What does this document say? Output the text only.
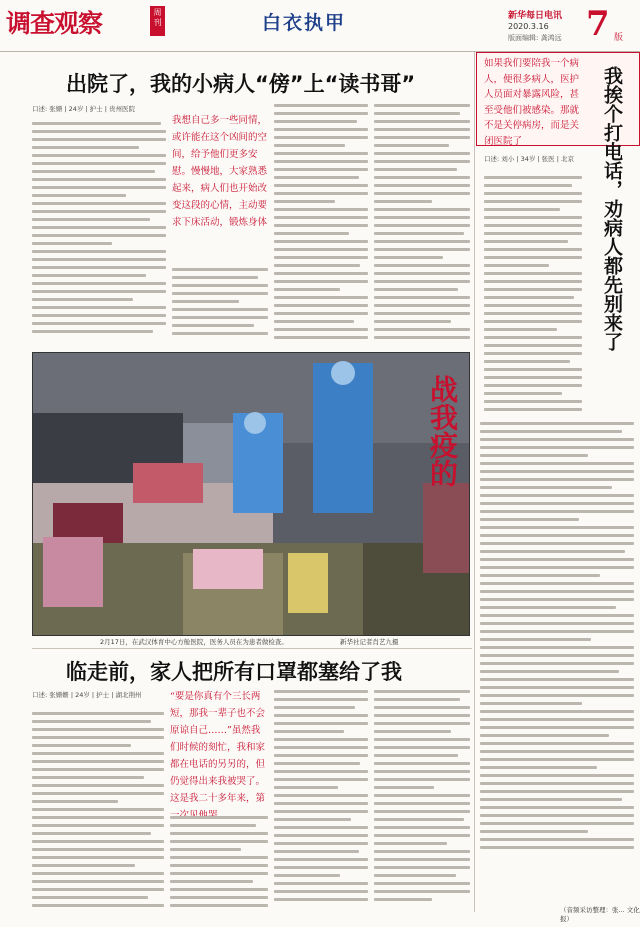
调查观察	周刊	白衣执甲	新华每日电讯
2020.3.16
版面编辑: 龚鸿远 7 版
如果我们要陪我一个病人，便很多病人，医护人员面对暴露风险，甚至受他们被感染。那就不是关停病房，而是关闭医院了
出院了，我的小病人“傍”上“读书哥”
口述: 张姗 | 24岁 | 护士 | 贵州医院
我想自己多一些同情，或许能在这个凶间的空间，给予他们更多安慰。慢慢地，大家熟悉起来，病人们也开始改变这段的心情，主动要求下床活动，锻炼身体
战我疫的
2月17日，在武汉体育中心方舱医院，医务人员在为患者做检查。	新华社记者肖艺九摄
临走前，家人把所有口罩都塞给了我
口述: 张姗姗 | 24岁 | 护士 | 湖北荆州	“要是你真有个三长两短，那我一辈子也不会原谅自己……”虽然我们时候的刻忙，我和家都在电话的另另的，但仍觉得出来我被哭了。这是我二十多年来，第
我挨个打电话，劝病人都先别来了
口述: 刘小 | 34岁 | 张医 | 北京
（音频采访整理：张... 文化报）
